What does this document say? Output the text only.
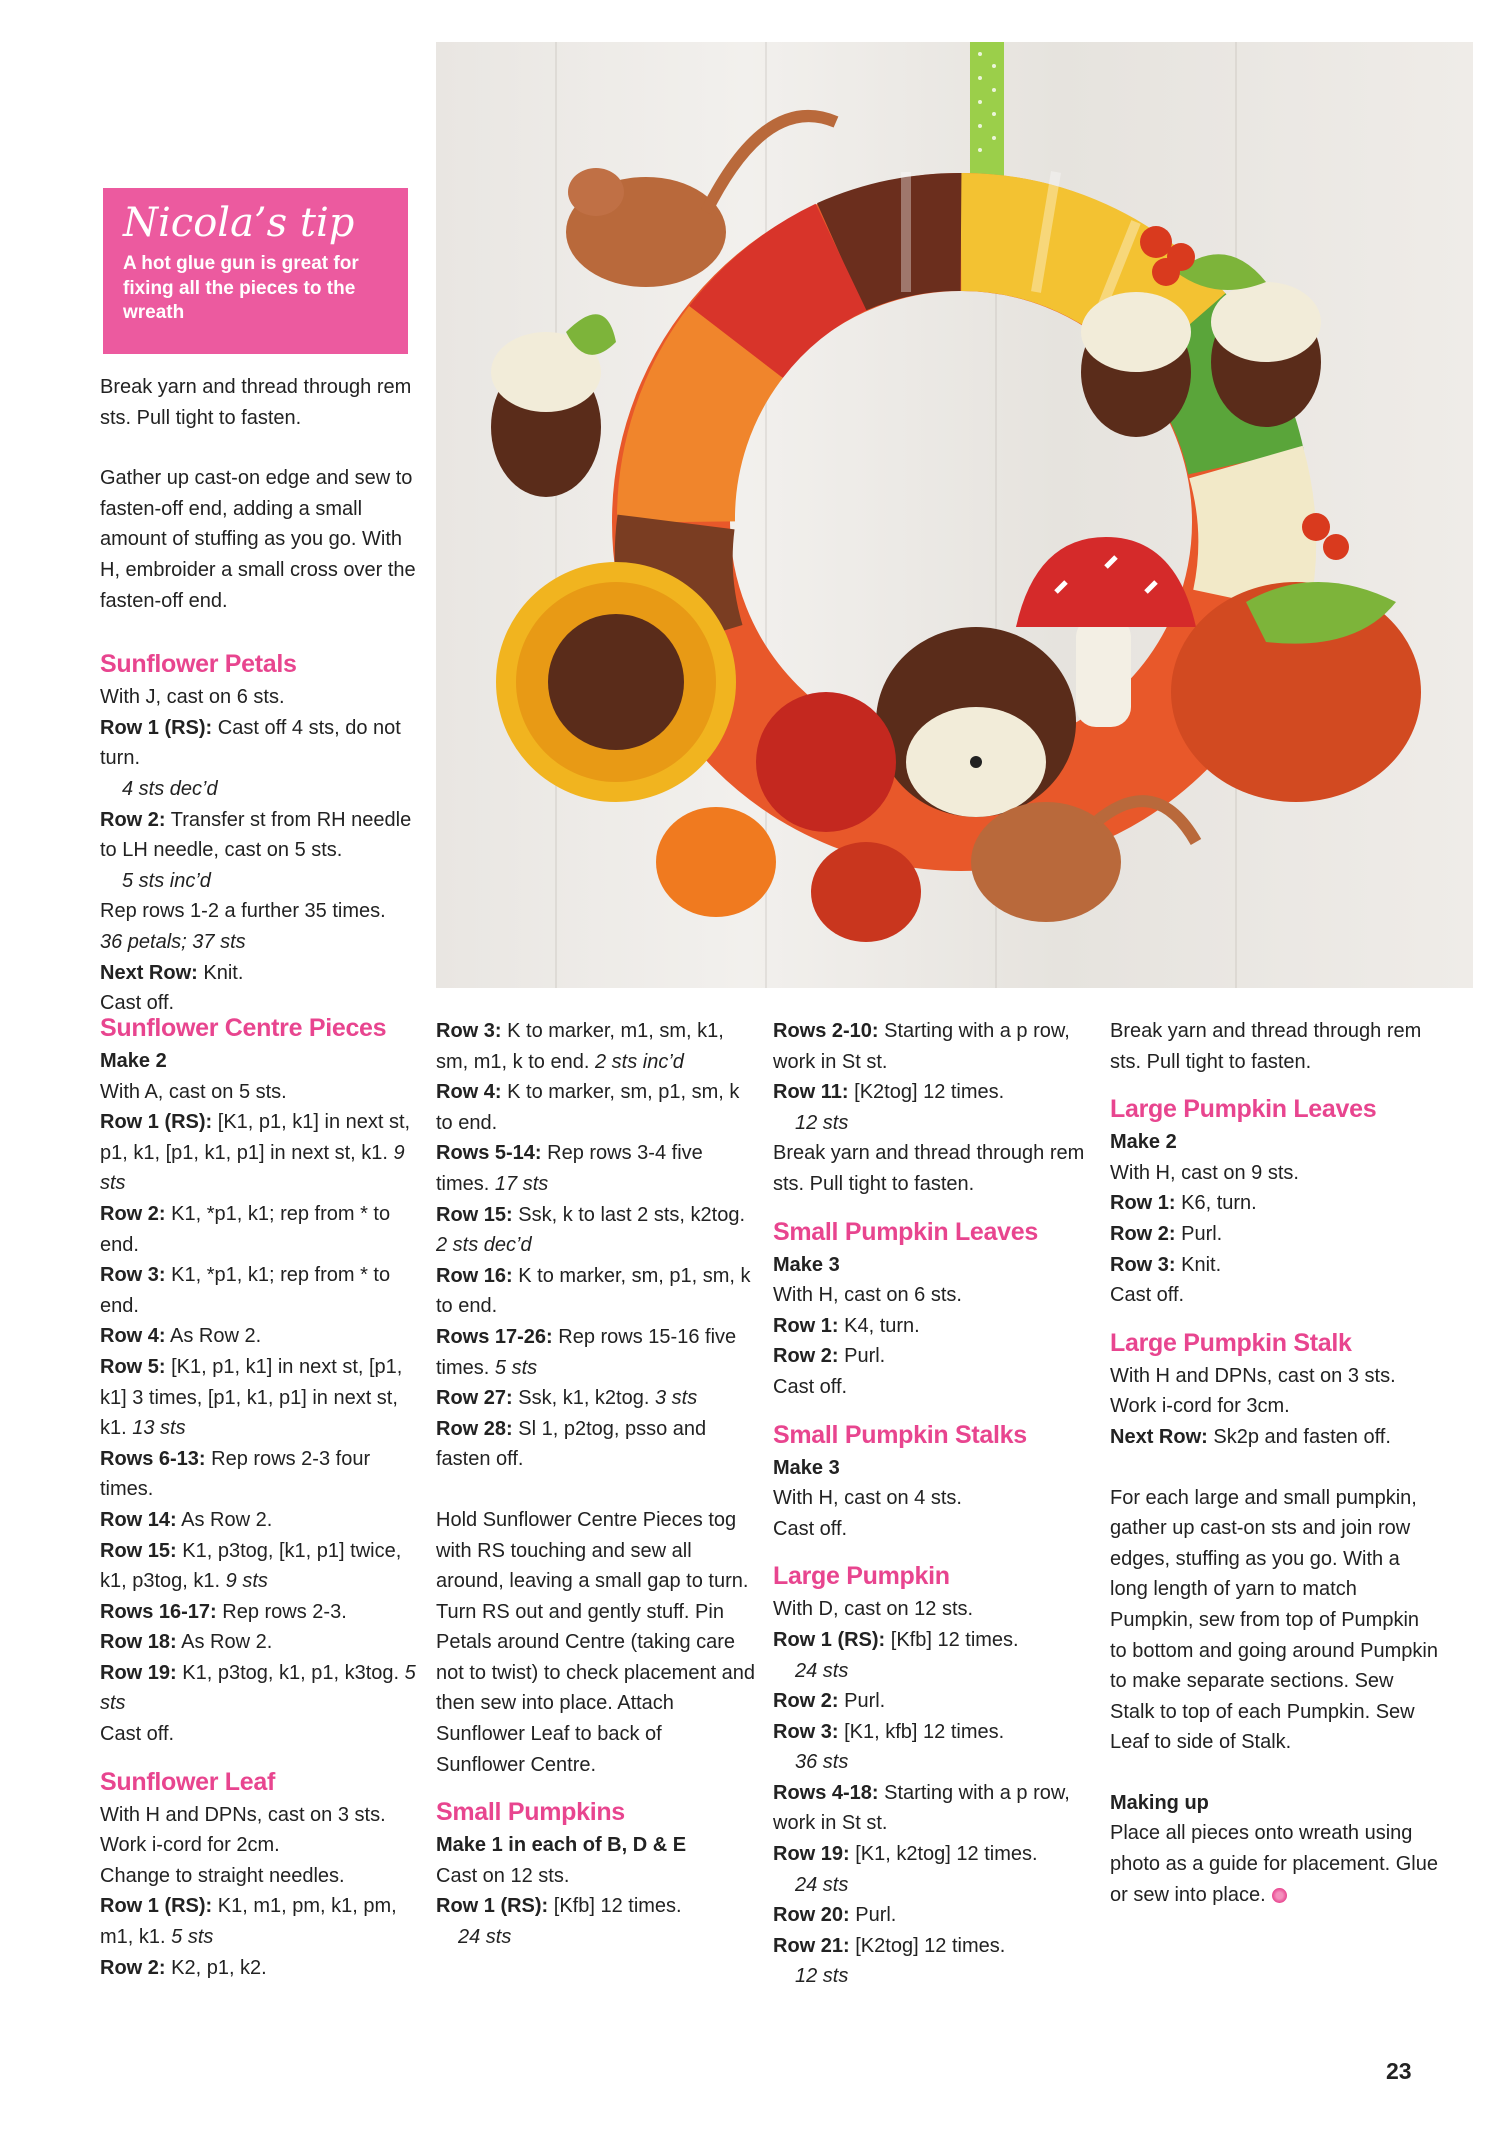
Nicola’s tip
A hot glue gun is great for fixing all the pieces to the wreath

Break yarn and thread through rem sts. Pull tight to fasten.

Gather up cast-on edge and sew to fasten-off end, adding a small amount of stuffing as you go. With H, embroider a small cross over the fasten-off end.

Sunflower Petals

With J, cast on 6 sts.

Row 1 (RS): Cast off 4 sts, do not turn.

4 sts dec’d

Row 2: Transfer st from RH needle to LH needle, cast on 5 sts.

5 sts inc’d

Rep rows 1-2 a further 35 times.

36 petals; 37 sts

Next Row: Knit.

Cast off.

Sunflower Centre Pieces

Make 2

With A, cast on 5 sts.

Row 1 (RS): [K1, p1, k1] in next st, p1, k1, [p1, k1, p1] in next st, k1. 9 sts

Row 2: K1, *p1, k1; rep from * to end.

Row 3: K1, *p1, k1; rep from * to end.

Row 4: As Row 2.

Row 5: [K1, p1, k1] in next st, [p1, k1] 3 times, [p1, k1, p1] in next st, k1. 13 sts

Rows 6-13: Rep rows 2-3 four times.

Row 14: As Row 2.

Row 15: K1, p3tog, [k1, p1] twice, k1, p3tog, k1. 9 sts

Rows 16-17: Rep rows 2-3.

Row 18: As Row 2.

Row 19: K1, p3tog, k1, p1, k3tog. 5 sts

Cast off.

Sunflower Leaf

With H and DPNs, cast on 3 sts.

Work i-cord for 2cm.

Change to straight needles.

Row 1 (RS): K1, m1, pm, k1, pm, m1, k1. 5 sts

Row 2: K2, p1, k2.

Row 3: K to marker, m1, sm, k1, sm, m1, k to end. 2 sts inc’d

Row 4: K to marker, sm, p1, sm, k to end.

Rows 5-14: Rep rows 3-4 five times. 17 sts

Row 15: Ssk, k to last 2 sts, k2tog. 2 sts dec’d

Row 16: K to marker, sm, p1, sm, k to end.

Rows 17-26: Rep rows 15-16 five times. 5 sts

Row 27: Ssk, k1, k2tog. 3 sts

Row 28: Sl 1, p2tog, psso and fasten off.

Hold Sunflower Centre Pieces tog with RS touching and sew all around, leaving a small gap to turn. Turn RS out and gently stuff. Pin Petals around Centre (taking care not to twist) to check placement and then sew into place. Attach Sunflower Leaf to back of Sunflower Centre.

Small Pumpkins

Make 1 in each of B, D & E

Cast on 12 sts.

Row 1 (RS): [Kfb] 12 times.

24 sts

Rows 2-10: Starting with a p row, work in St st.

Row 11: [K2tog] 12 times.

12 sts

Break yarn and thread through rem sts. Pull tight to fasten.

Small Pumpkin Leaves

Make 3

With H, cast on 6 sts.

Row 1: K4, turn.

Row 2: Purl.

Cast off.

Small Pumpkin Stalks

Make 3

With H, cast on 4 sts.

Cast off.

Large Pumpkin

With D, cast on 12 sts.

Row 1 (RS): [Kfb] 12 times.

24 sts

Row 2: Purl.

Row 3: [K1, kfb] 12 times.

36 sts

Rows 4-18: Starting with a p row, work in St st.

Row 19: [K1, k2tog] 12 times.

24 sts

Row 20: Purl.

Row 21: [K2tog] 12 times.

12 sts

Break yarn and thread through rem sts. Pull tight to fasten.

Large Pumpkin Leaves

Make 2

With H, cast on 9 sts.

Row 1: K6, turn.

Row 2: Purl.

Row 3: Knit.

Cast off.

Large Pumpkin Stalk

With H and DPNs, cast on 3 sts.

Work i-cord for 3cm.

Next Row: Sk2p and fasten off.

For each large and small pumpkin, gather up cast-on sts and join row edges, stuffing as you go. With a long length of yarn to match Pumpkin, sew from top of Pumpkin to bottom and going around Pumpkin to make separate sections. Sew Stalk to top of each Pumpkin. Sew Leaf to side of Stalk.

Making up

Place all pieces onto wreath using photo as a guide for placement. Glue or sew into place.

23
